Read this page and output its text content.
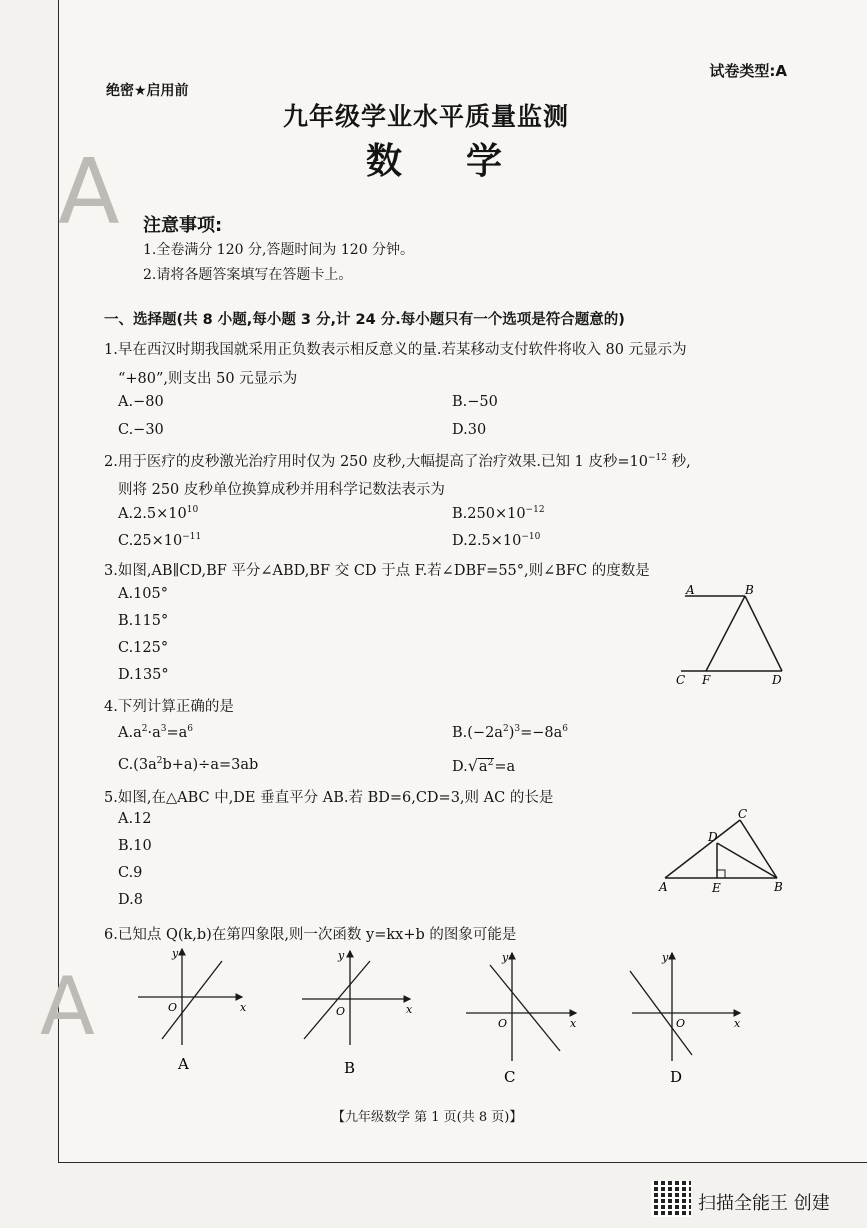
A
A
试卷类型:A
绝密★启用前
九年级学业水平质量监测
数学
注意事项:
1.全卷满分 120 分,答题时间为 120 分钟。
2.请将各题答案填写在答题卡上。
一、选择题(共 8 小题,每小题 3 分,计 24 分.每小题只有一个选项是符合题意的)
1.早在西汉时期我国就采用正负数表示相反意义的量.若某移动支付软件将收入 80 元显示为
“+80”,则支出 50 元显示为
A.−80	B.−50
C.−30	D.30
2.用于医疗的皮秒激光治疗用时仅为 250 皮秒,大幅提高了治疗效果.已知 1 皮秒$=10^{-12}$ 秒,
则将 250 皮秒单位换算成秒并用科学记数法表示为
$A.2.5\times 10^{10}$	$B.250\times 10^{-12}$
$C.25\times 10^{-11}$	$D.2.5\times 10^{-10}$
3.如图,AB∥CD,BF 平分∠ABD,BF 交 CD 于点 F.若∠DBF=55°,则∠BFC 的度数是
A.105°
B.115°
C.125°
D.135°
A	B
C F	D
4.下列计算正确的是
$A.a^2\cdot a^3=a^6$	$B.(-2a^2)^3=-8a^6$
$C.(3a^2b+a)\div a=3ab$	$D.√a^2=a$
5.如图,在△ABC 中,DE 垂直平分 AB.若 BD=6,CD=3,则 AC 的长是
A.12
B.10
C.9
D.8
C
D
A	E	B
6.已知点 Q(k,b)在第四象限,则一次函数 y=kx+b 的图象可能是
y
x
O
A
y
x
O
B
y
x
O
C
y
x
O
D
【九年级数学 第 1 页(共 8 页)】
扫描全能王 创建
